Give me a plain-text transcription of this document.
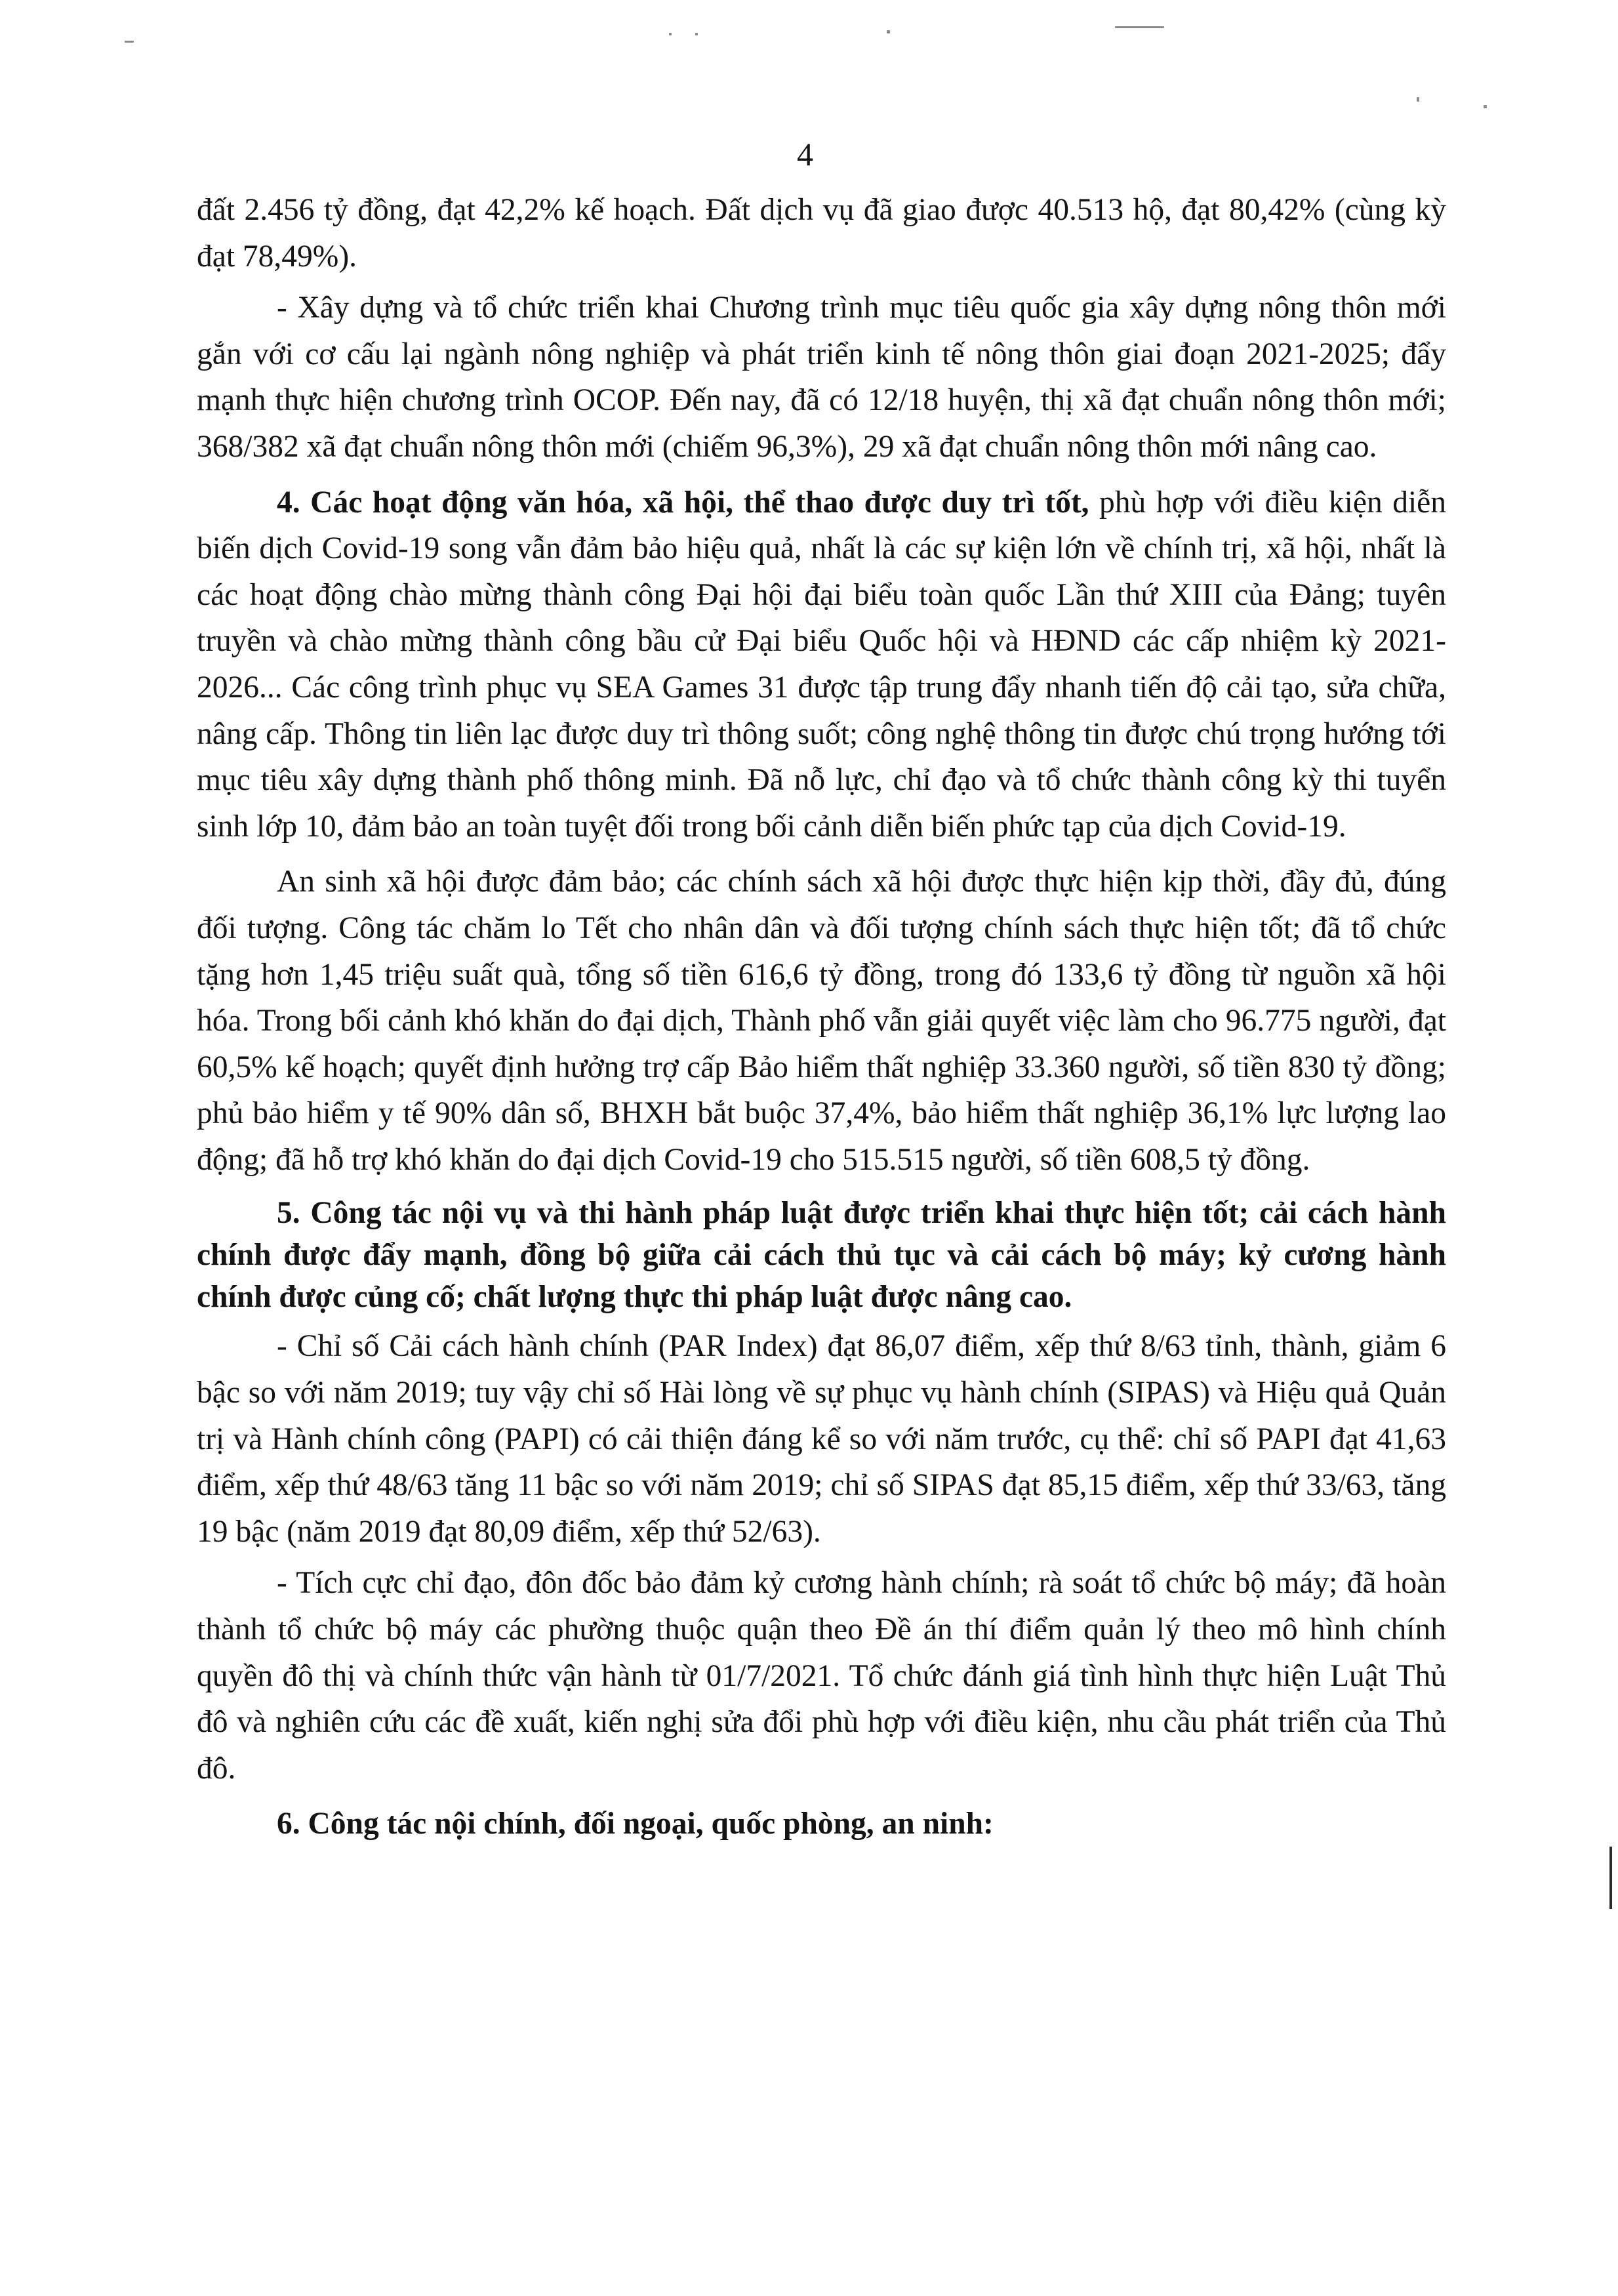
4

đất 2.456 tỷ đồng, đạt 42,2% kế hoạch. Đất dịch vụ đã giao được 40.513 hộ, đạt 80,42% (cùng kỳ đạt 78,49%).

- Xây dựng và tổ chức triển khai Chương trình mục tiêu quốc gia xây dựng nông thôn mới gắn với cơ cấu lại ngành nông nghiệp và phát triển kinh tế nông thôn giai đoạn 2021-2025; đẩy mạnh thực hiện chương trình OCOP. Đến nay, đã có 12/18 huyện, thị xã đạt chuẩn nông thôn mới; 368/382 xã đạt chuẩn nông thôn mới (chiếm 96,3%), 29 xã đạt chuẩn nông thôn mới nâng cao.

4. Các hoạt động văn hóa, xã hội, thể thao được duy trì tốt, phù hợp với điều kiện diễn biến dịch Covid-19 song vẫn đảm bảo hiệu quả, nhất là các sự kiện lớn về chính trị, xã hội, nhất là các hoạt động chào mừng thành công Đại hội đại biểu toàn quốc Lần thứ XIII của Đảng; tuyên truyền và chào mừng thành công bầu cử Đại biểu Quốc hội và HĐND các cấp nhiệm kỳ 2021-2026... Các công trình phục vụ SEA Games 31 được tập trung đẩy nhanh tiến độ cải tạo, sửa chữa, nâng cấp. Thông tin liên lạc được duy trì thông suốt; công nghệ thông tin được chú trọng hướng tới mục tiêu xây dựng thành phố thông minh. Đã nỗ lực, chỉ đạo và tổ chức thành công kỳ thi tuyển sinh lớp 10, đảm bảo an toàn tuyệt đối trong bối cảnh diễn biến phức tạp của dịch Covid-19.

An sinh xã hội được đảm bảo; các chính sách xã hội được thực hiện kịp thời, đầy đủ, đúng đối tượng. Công tác chăm lo Tết cho nhân dân và đối tượng chính sách thực hiện tốt; đã tổ chức tặng hơn 1,45 triệu suất quà, tổng số tiền 616,6 tỷ đồng, trong đó 133,6 tỷ đồng từ nguồn xã hội hóa. Trong bối cảnh khó khăn do đại dịch, Thành phố vẫn giải quyết việc làm cho 96.775 người, đạt 60,5% kế hoạch; quyết định hưởng trợ cấp Bảo hiểm thất nghiệp 33.360 người, số tiền 830 tỷ đồng; phủ bảo hiểm y tế 90% dân số, BHXH bắt buộc 37,4%, bảo hiểm thất nghiệp 36,1% lực lượng lao động; đã hỗ trợ khó khăn do đại dịch Covid-19 cho 515.515 người, số tiền 608,5 tỷ đồng.

5. Công tác nội vụ và thi hành pháp luật được triển khai thực hiện tốt; cải cách hành chính được đẩy mạnh, đồng bộ giữa cải cách thủ tục và cải cách bộ máy; kỷ cương hành chính được củng cố; chất lượng thực thi pháp luật được nâng cao.

- Chỉ số Cải cách hành chính (PAR Index) đạt 86,07 điểm, xếp thứ 8/63 tỉnh, thành, giảm 6 bậc so với năm 2019; tuy vậy chỉ số Hài lòng về sự phục vụ hành chính (SIPAS) và Hiệu quả Quản trị và Hành chính công (PAPI) có cải thiện đáng kể so với năm trước, cụ thể: chỉ số PAPI đạt 41,63 điểm, xếp thứ 48/63 tăng 11 bậc so với năm 2019; chỉ số SIPAS đạt 85,15 điểm, xếp thứ 33/63, tăng 19 bậc (năm 2019 đạt 80,09 điểm, xếp thứ 52/63).

- Tích cực chỉ đạo, đôn đốc bảo đảm kỷ cương hành chính; rà soát tổ chức bộ máy; đã hoàn thành tổ chức bộ máy các phường thuộc quận theo Đề án thí điểm quản lý theo mô hình chính quyền đô thị và chính thức vận hành từ 01/7/2021. Tổ chức đánh giá tình hình thực hiện Luật Thủ đô và nghiên cứu các đề xuất, kiến nghị sửa đổi phù hợp với điều kiện, nhu cầu phát triển của Thủ đô.

6. Công tác nội chính, đối ngoại, quốc phòng, an ninh:
